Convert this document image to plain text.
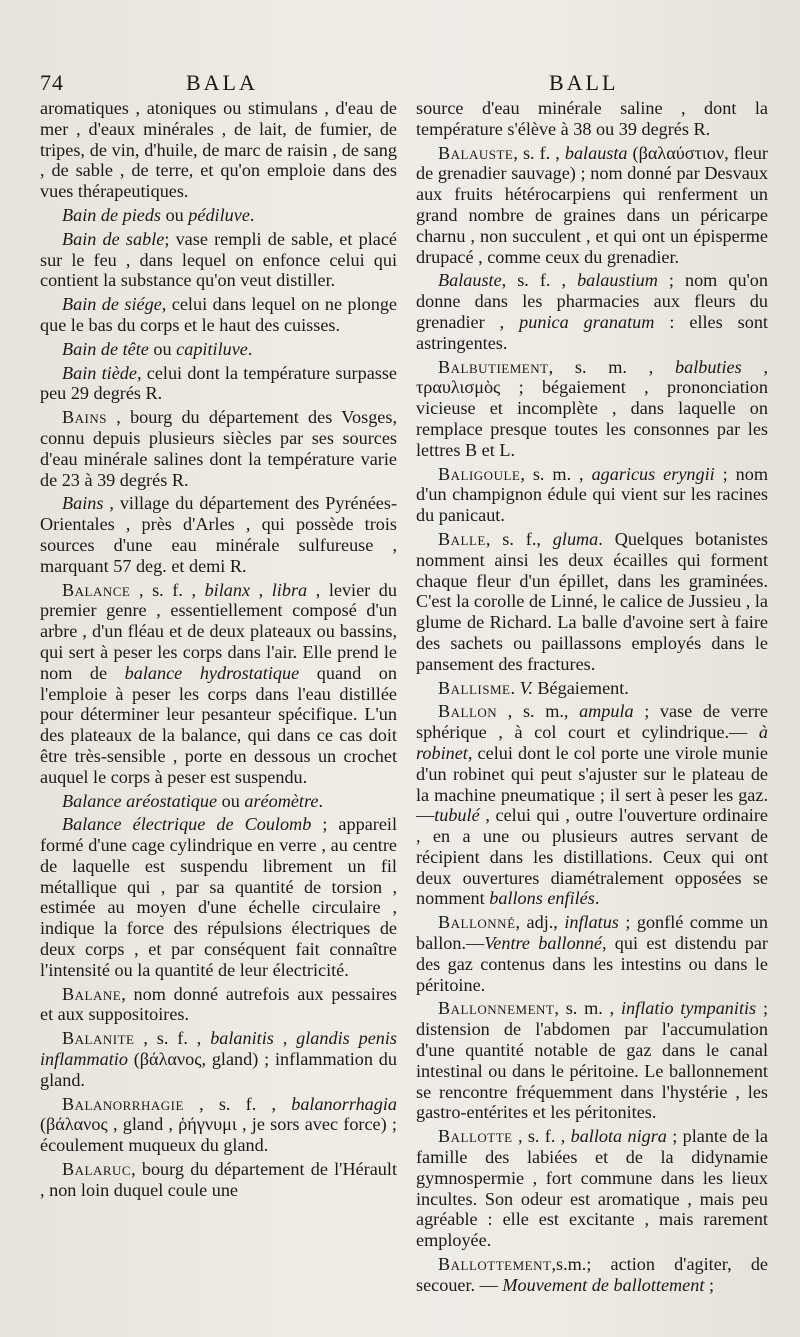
74	BALA	BALL

aromatiques , atoniques ou stimulans , d'eau de mer , d'eaux minérales , de lait, de fumier, de tripes, de vin, d'huile, de marc de raisin , de sang , de sable , de terre, et qu'on emploie dans des vues thérapeutiques.

Bain de pieds ou pédiluve.

Bain de sable; vase rempli de sable, et placé sur le feu , dans lequel on enfonce celui qui contient la substance qu'on veut distiller.

Bain de siége, celui dans lequel on ne plonge que le bas du corps et le haut des cuisses.

Bain de tête ou capitiluve.

Bain tiède, celui dont la température surpasse peu 29 degrés R.

Bains , bourg du département des Vosges, connu depuis plusieurs siècles par ses sources d'eau minérale salines dont la température varie de 23 à 39 degrés R.

Bains , village du département des Pyrénées-Orientales , près d'Arles , qui possède trois sources d'une eau minérale sulfureuse , marquant 57 deg. et demi R.

Balance , s. f. , bilanx , libra , levier du premier genre , essentiellement composé d'un arbre , d'un fléau et de deux plateaux ou bassins, qui sert à peser les corps dans l'air. Elle prend le nom de balance hydrostatique quand on l'emploie à peser les corps dans l'eau distillée pour déterminer leur pesanteur spécifique. L'un des plateaux de la balance, qui dans ce cas doit être très-sensible , porte en dessous un crochet auquel le corps à peser est suspendu.

Balance aréostatique ou aréomètre.

Balance électrique de Coulomb ; appareil formé d'une cage cylindrique en verre , au centre de laquelle est suspendu librement un fil métallique qui , par sa quantité de torsion , estimée au moyen d'une échelle circulaire , indique la force des répulsions électriques de deux corps , et par conséquent fait connaître l'intensité ou la quantité de leur électricité.

Balane, nom donné autrefois aux pessaires et aux suppositoires.

Balanite , s. f. , balanitis , glandis penis inflammatio (βάλανος, gland) ; inflammation du gland.

Balanorrhagie , s. f. , balanorrhagia (βάλανος , gland , ῥήγνυμι , je sors avec force) ; écoulement muqueux du gland.

Balaruc, bourg du département de l'Hérault , non loin duquel coule une

source d'eau minérale saline , dont la température s'élève à 38 ou 39 degrés R.

Balauste, s. f. , balausta (βαλαύστιον, fleur de grenadier sauvage) ; nom donné par Desvaux aux fruits hétérocarpiens qui renferment un grand nombre de graines dans un péricarpe charnu , non succulent , et qui ont un épisperme drupacé , comme ceux du grenadier.

Balauste, s. f. , balaustium ; nom qu'on donne dans les pharmacies aux fleurs du grenadier , punica granatum : elles sont astringentes.

Balbutiement, s. m. , balbuties , τραυλισμὸς ; bégaiement , prononciation vicieuse et incomplète , dans laquelle on remplace presque toutes les consonnes par les lettres B et L.

Baligoule, s. m. , agaricus eryngii ; nom d'un champignon édule qui vient sur les racines du panicaut.

Balle, s. f., gluma. Quelques botanistes nomment ainsi les deux écailles qui forment chaque fleur d'un épillet, dans les graminées. C'est la corolle de Linné, le calice de Jussieu , la glume de Richard. La balle d'avoine sert à faire des sachets ou paillassons employés dans le pansement des fractures.

Ballisme. V. Bégaiement.

Ballon , s. m., ampula ; vase de verre sphérique , à col court et cylindrique.— à robinet, celui dont le col porte une virole munie d'un robinet qui peut s'ajuster sur le plateau de la machine pneumatique ; il sert à peser les gaz. —tubulé , celui qui , outre l'ouverture ordinaire , en a une ou plusieurs autres servant de récipient dans les distillations. Ceux qui ont deux ouvertures diamétralement opposées se nomment ballons enfilés.

Ballonné, adj., inflatus ; gonflé comme un ballon.—Ventre ballonné, qui est distendu par des gaz contenus dans les intestins ou dans le péritoine.

Ballonnement, s. m. , inflatio tympanitis ; distension de l'abdomen par l'accumulation d'une quantité notable de gaz dans le canal intestinal ou dans le péritoine. Le ballonnement se rencontre fréquemment dans l'hystérie , les gastro-entérites et les péritonites.

Ballotte , s. f. , ballota nigra ; plante de la famille des labiées et de la didynamie gymnospermie , fort commune dans les lieux incultes. Son odeur est aromatique , mais peu agréable : elle est excitante , mais rarement employée.

Ballottement,s.m.; action d'agiter, de secouer. — Mouvement de ballottement ;
